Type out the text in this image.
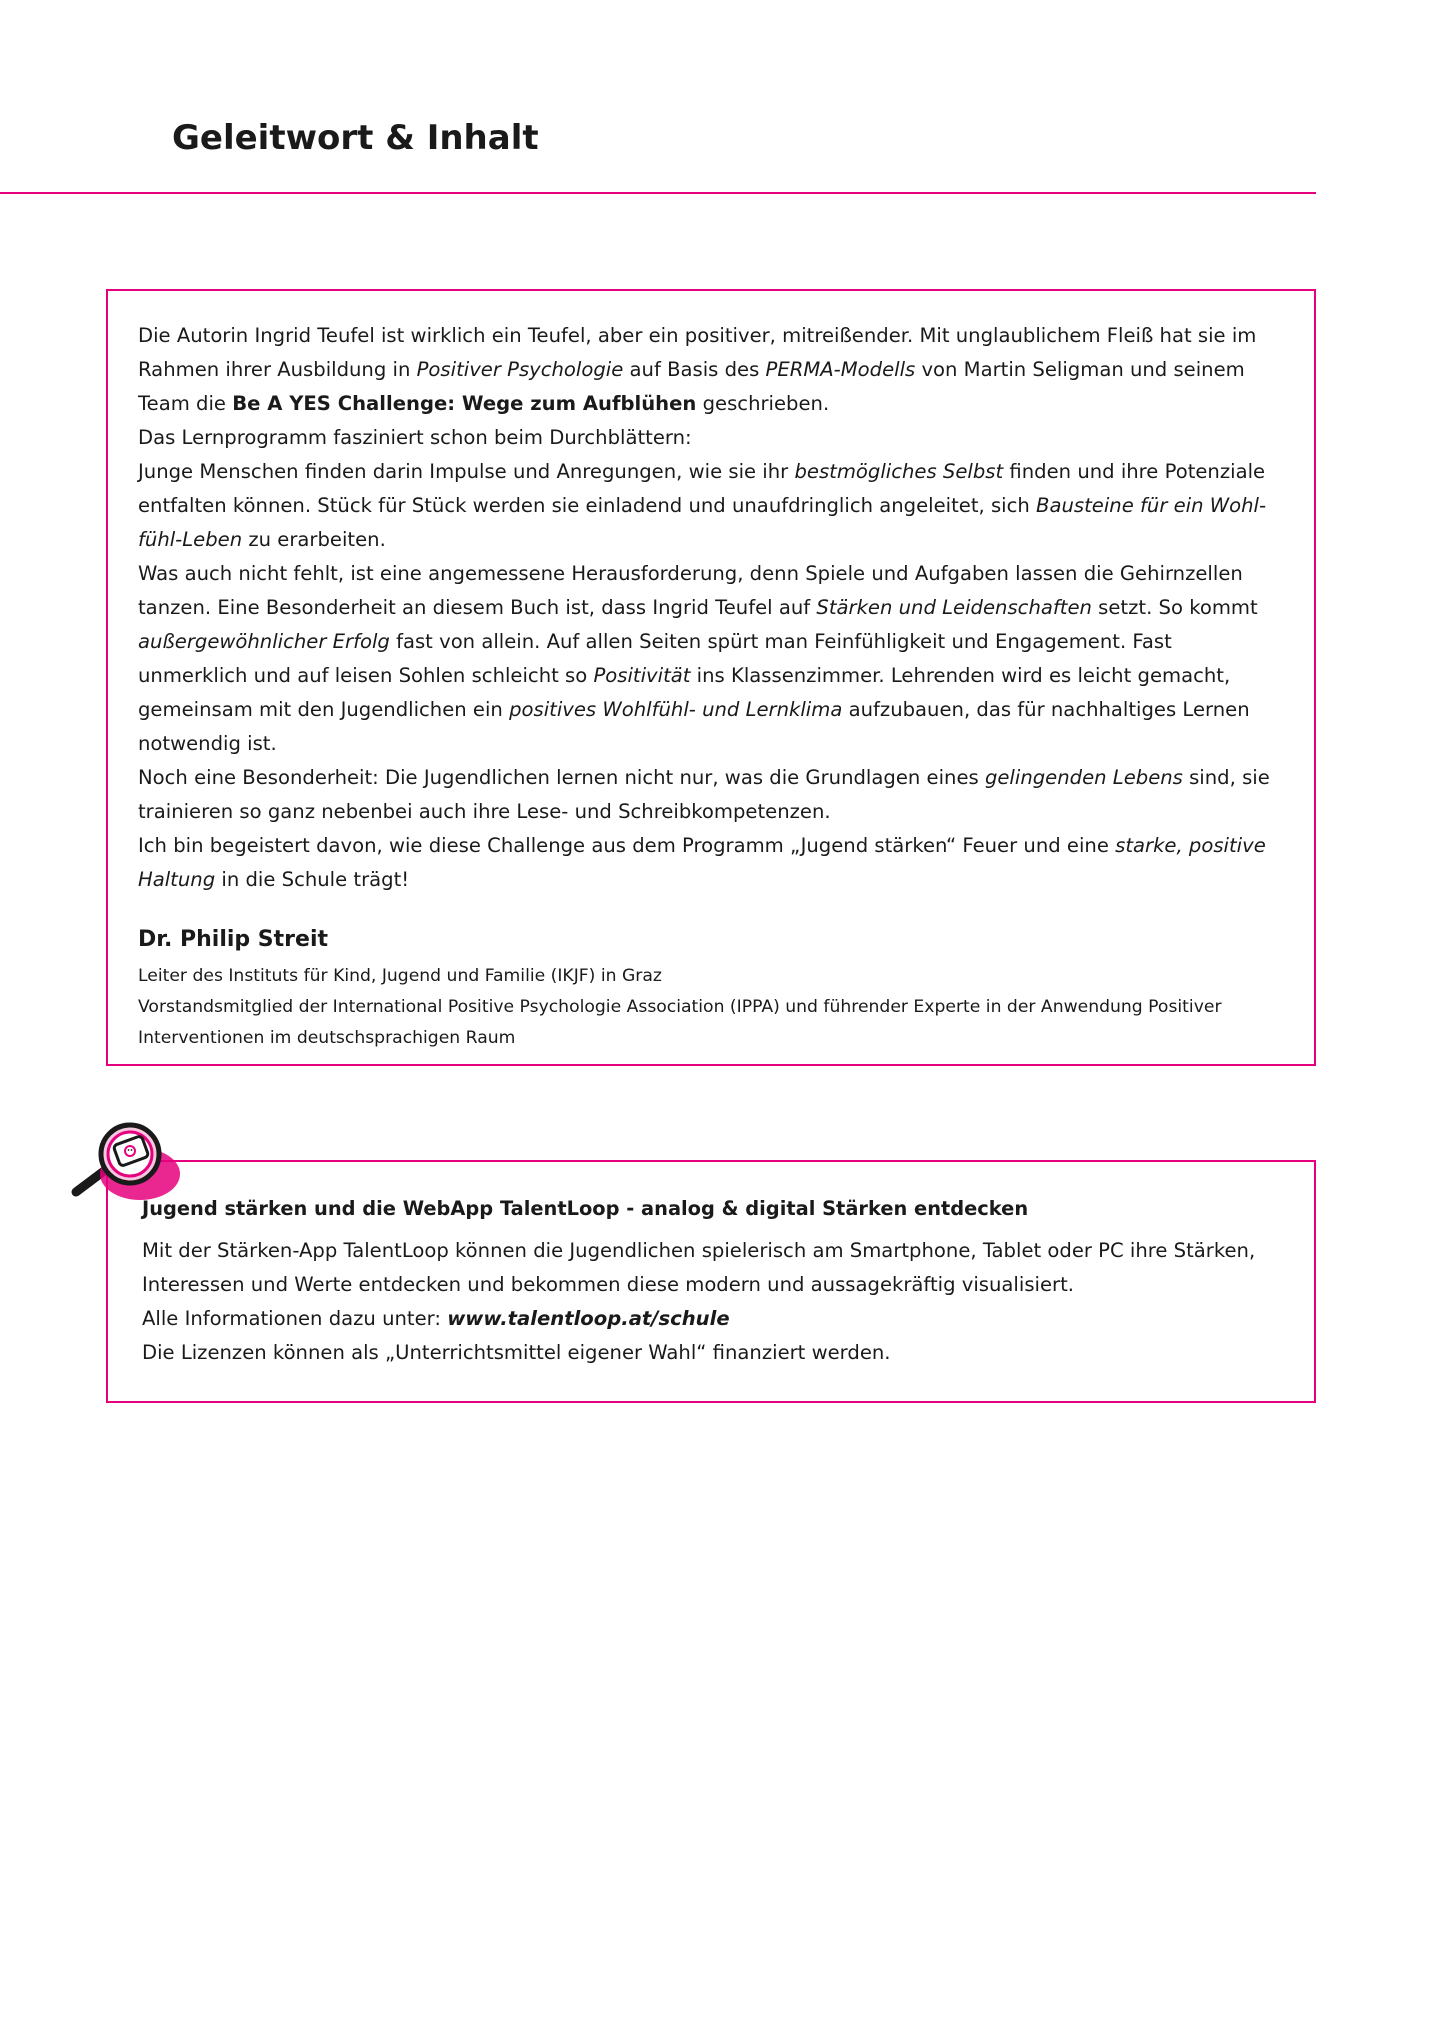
Geleitwort & Inhalt

Die Autorin Ingrid Teufel ist wirklich ein Teufel, aber ein positiver, mitreißender. Mit unglaublichem Fleiß hat sie im Rahmen ihrer Ausbildung in Positiver Psychologie auf Basis des PERMA-Modells von Martin Seligman und seinem Team die Be A YES Challenge: Wege zum Aufblühen geschrieben.

Das Lernprogramm fasziniert schon beim Durchblättern:

Junge Menschen finden darin Impulse und Anregungen, wie sie ihr bestmögliches Selbst finden und ihre Potenziale entfalten können. Stück für Stück werden sie einladend und unaufdringlich angeleitet, sich Bausteine für ein Wohl-fühl-Leben zu erarbeiten.

Was auch nicht fehlt, ist eine angemessene Herausforderung, denn Spiele und Aufgaben lassen die Gehirnzellen tanzen. Eine Besonderheit an diesem Buch ist, dass Ingrid Teufel auf Stärken und Leidenschaften setzt. So kommt außergewöhnlicher Erfolg fast von allein. Auf allen Seiten spürt man Feinfühligkeit und Engagement. Fast unmerklich und auf leisen Sohlen schleicht so Positivität ins Klassenzimmer. Lehrenden wird es leicht gemacht, gemeinsam mit den Jugendlichen ein positives Wohlfühl- und Lernklima aufzubauen, das für nachhaltiges Lernen notwendig ist.

Noch eine Besonderheit: Die Jugendlichen lernen nicht nur, was die Grundlagen eines gelingenden Lebens sind, sie trainieren so ganz nebenbei auch ihre Lese- und Schreibkompetenzen.

Ich bin begeistert davon, wie diese Challenge aus dem Programm „Jugend stärken“ Feuer und eine starke, positive Haltung in die Schule trägt!

Dr. Philip Streit

Leiter des Instituts für Kind, Jugend und Familie (IKJF) in Graz

Vorstandsmitglied der International Positive Psychologie Association (IPPA) und führender Experte in der Anwendung Positiver Interventionen im deutschsprachigen Raum

Jugend stärken und die WebApp TalentLoop - analog & digital Stärken entdecken

Mit der Stärken-App TalentLoop können die Jugendlichen spielerisch am Smartphone, Tablet oder PC ihre Stärken, Interessen und Werte entdecken und bekommen diese modern und aussagekräftig visualisiert.

Alle Informationen dazu unter: www.talentloop.at/schule

Die Lizenzen können als „Unterrichtsmittel eigener Wahl“ finanziert werden.
